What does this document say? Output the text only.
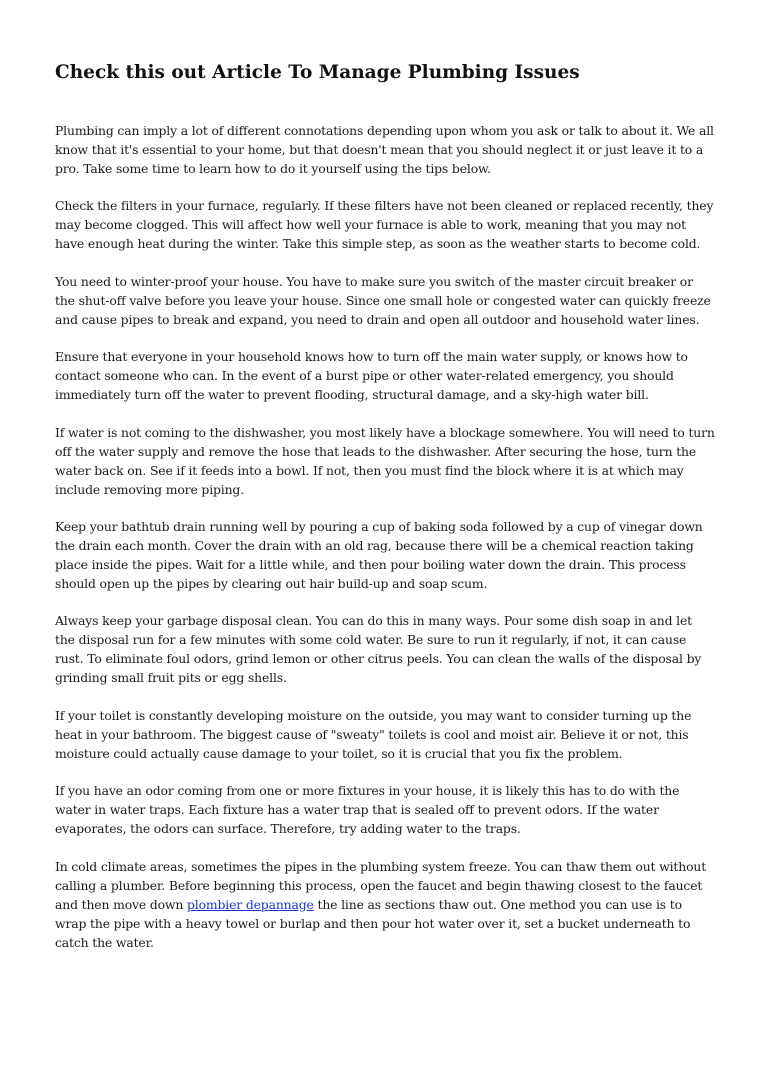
Check this out Article To Manage Plumbing Issues

Plumbing can imply a lot of different connotations depending upon whom you ask or talk to about it. We all know that it's essential to your home, but that doesn't mean that you should neglect it or just leave it to a pro. Take some time to learn how to do it yourself using the tips below.

Check the filters in your furnace, regularly. If these filters have not been cleaned or replaced recently, they may become clogged. This will affect how well your furnace is able to work, meaning that you may not have enough heat during the winter. Take this simple step, as soon as the weather starts to become cold.

You need to winter-proof your house. You have to make sure you switch of the master circuit breaker or the shut-off valve before you leave your house. Since one small hole or congested water can quickly freeze and cause pipes to break and expand, you need to drain and open all outdoor and household water lines.

Ensure that everyone in your household knows how to turn off the main water supply, or knows how to contact someone who can. In the event of a burst pipe or other water-related emergency, you should immediately turn off the water to prevent flooding, structural damage, and a sky-high water bill.

If water is not coming to the dishwasher, you most likely have a blockage somewhere. You will need to turn off the water supply and remove the hose that leads to the dishwasher. After securing the hose, turn the water back on. See if it feeds into a bowl. If not, then you must find the block where it is at which may include removing more piping.

Keep your bathtub drain running well by pouring a cup of baking soda followed by a cup of vinegar down the drain each month. Cover the drain with an old rag, because there will be a chemical reaction taking place inside the pipes. Wait for a little while, and then pour boiling water down the drain. This process should open up the pipes by clearing out hair build-up and soap scum.

Always keep your garbage disposal clean. You can do this in many ways. Pour some dish soap in and let the disposal run for a few minutes with some cold water. Be sure to run it regularly, if not, it can cause rust. To eliminate foul odors, grind lemon or other citrus peels. You can clean the walls of the disposal by grinding small fruit pits or egg shells.

If your toilet is constantly developing moisture on the outside, you may want to consider turning up the heat in your bathroom. The biggest cause of "sweaty" toilets is cool and moist air. Believe it or not, this moisture could actually cause damage to your toilet, so it is crucial that you fix the problem.

If you have an odor coming from one or more fixtures in your house, it is likely this has to do with the water in water traps. Each fixture has a water trap that is sealed off to prevent odors. If the water evaporates, the odors can surface. Therefore, try adding water to the traps.

In cold climate areas, sometimes the pipes in the plumbing system freeze. You can thaw them out without calling a plumber. Before beginning this process, open the faucet and begin thawing closest to the faucet and then move down plombier depannage the line as sections thaw out. One method you can use is to wrap the pipe with a heavy towel or burlap and then pour hot water over it, set a bucket underneath to catch the water.
